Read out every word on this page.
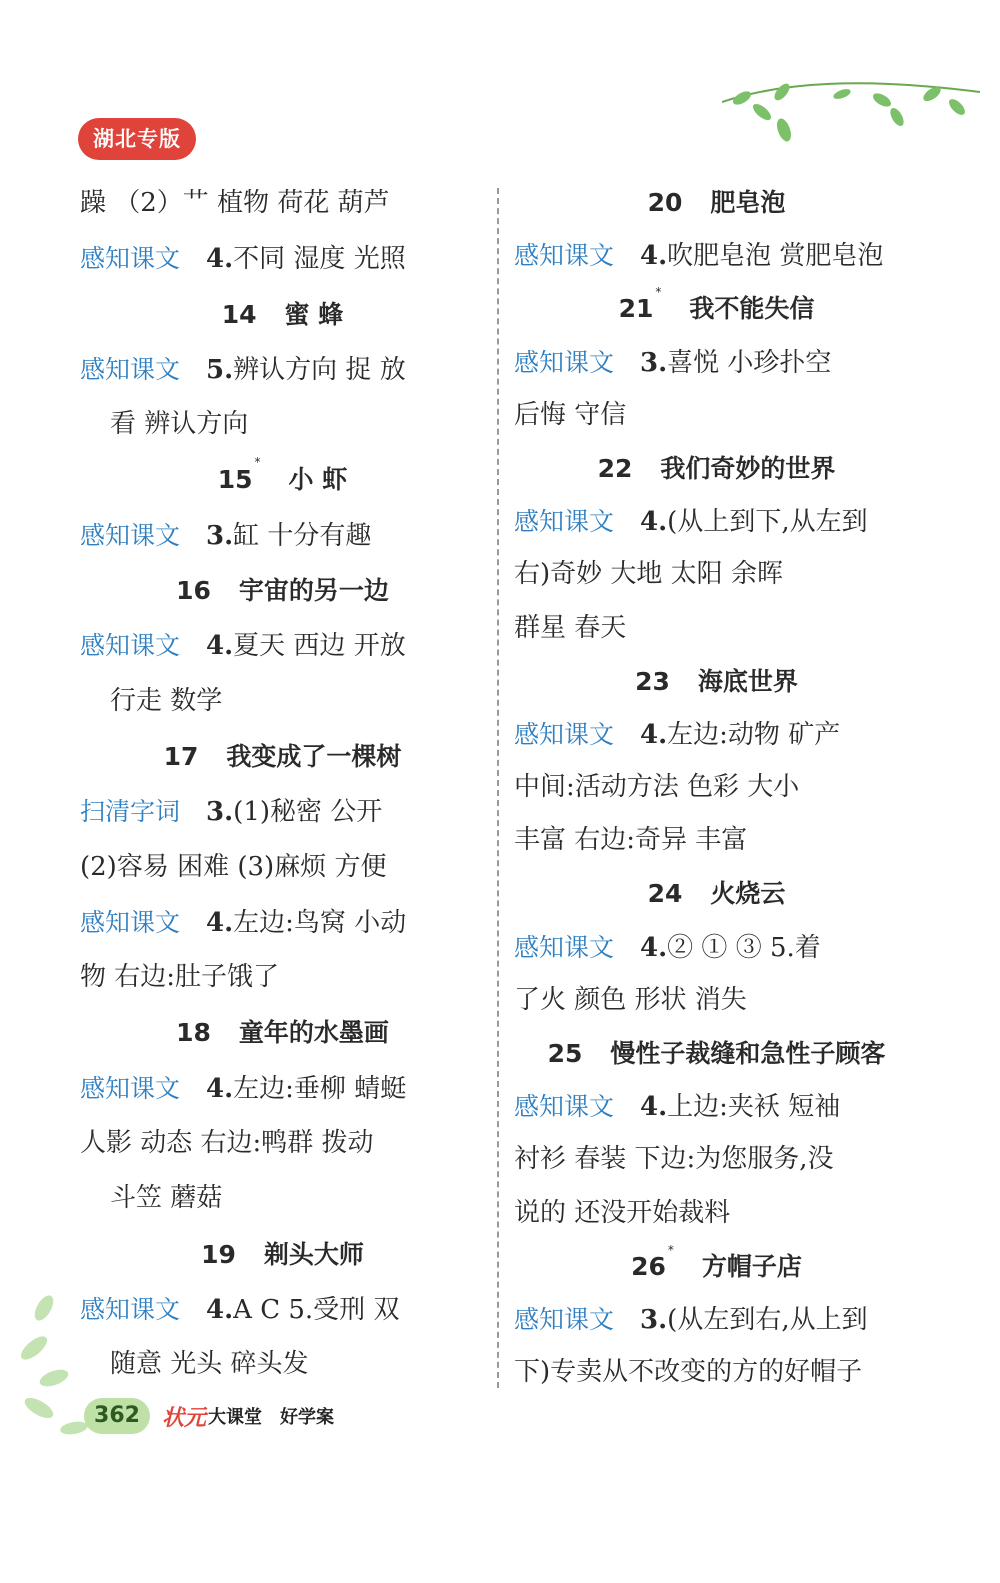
湖北专版
躁 （2）艹 植物 荷花 葫芦
感知课文 4.不同 湿度 光照
14 蜜 蜂
感知课文 5.辨认方向 捉 放
看 辨认方向
15*小 虾
感知课文 3.缸 十分有趣
16 宇宙的另一边
感知课文 4.夏天 西边 开放
行走 数学
17 我变成了一棵树
扫清字词 3.(1)秘密 公开
(2)容易 困难 (3)麻烦 方便
感知课文 4.左边:鸟窝 小动
物 右边:肚子饿了
18 童年的水墨画
感知课文 4.左边:垂柳 蜻蜓
人影 动态 右边:鸭群 拨动
斗笠 蘑菇
19 剃头大师
感知课文 4.A C 5.受刑 双
随意 光头 碎头发
20 肥皂泡
感知课文 4.吹肥皂泡 赏肥皂泡
21*我不能失信
感知课文 3.喜悦 小珍扑空
后悔 守信
22 我们奇妙的世界
感知课文 4.(从上到下,从左到
右)奇妙 大地 太阳 余晖
群星 春天
23 海底世界
感知课文 4.左边:动物 矿产
中间:活动方法 色彩 大小
丰富 右边:奇异 丰富
24 火烧云
感知课文 4.② ① ③ 5.着
了火 颜色 形状 消失
25 慢性子裁缝和急性子顾客
感知课文 4.上边:夹袄 短袖
衬衫 春装 下边:为您服务,没
说的 还没开始裁料
26*方帽子店
感知课文 3.(从左到右,从上到
下)专卖从不改变的方的好帽子
362	状元 大课堂 好学案
